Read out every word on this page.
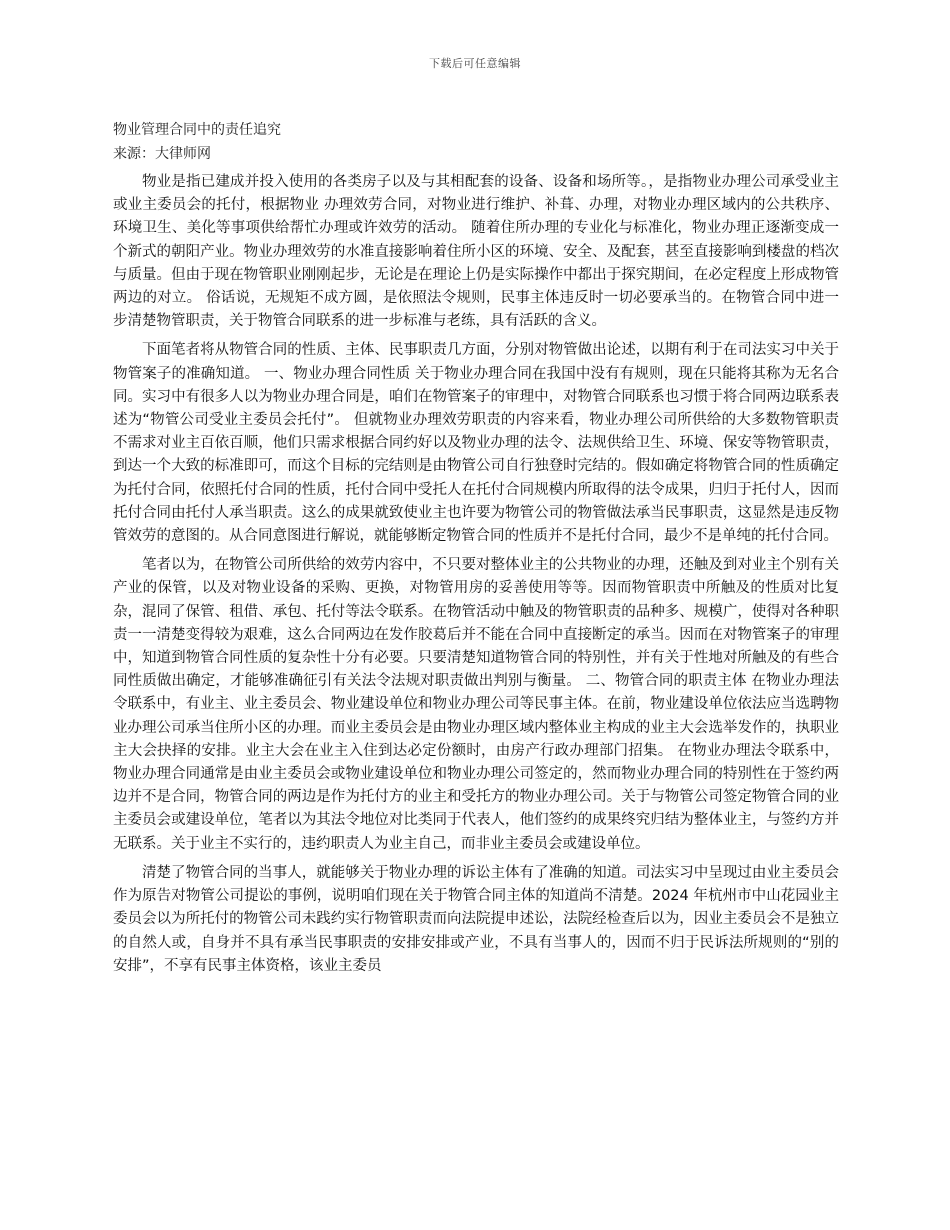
下载后可任意编辑

物业管理合同中的责任追究

来源：大律师网

物业是指已建成并投入使用的各类房子以及与其相配套的设备、设备和场所等。，是指物业办理公司承受业主或业主委员会的托付，根据物业 办理效劳合同，对物业进行维护、补葺、办理，对物业办理区域内的公共秩序、环境卫生、美化等事项供给帮忙办理或许效劳的活动。 随着住所办理的专业化与标准化，物业办理正逐渐变成一个新式的朝阳产业。物业办理效劳的水准直接影响着住所小区的环境、安全、及配套，甚至直接影响到楼盘的档次与质量。但由于现在物管职业刚刚起步，无论是在理论上仍是实际操作中都出于探究期间，在必定程度上形成物管两边的对立。 俗话说，无规矩不成方圆，是依照法令规则，民事主体违反时一切必要承当的。在物管合同中进一步清楚物管职责，关于物管合同联系的进一步标准与老练，具有活跃的含义。

下面笔者将从物管合同的性质、主体、民事职责几方面，分别对物管做出论述，以期有利于在司法实习中关于物管案子的准确知道。 一、物业办理合同性质 关于物业办理合同在我国中没有有规则，现在只能将其称为无名合同。实习中有很多人以为物业办理合同是，咱们在物管案子的审理中，对物管合同联系也习惯于将合同两边联系表述为“物管公司受业主委员会托付”。 但就物业办理效劳职责的内容来看，物业办理公司所供给的大多数物管职责不需求对业主百依百顺，他们只需求根据合同约好以及物业办理的法令、法规供给卫生、环境、保安等物管职责，到达一个大致的标准即可，而这个目标的完结则是由物管公司自行独登时完结的。假如确定将物管合同的性质确定为托付合同，依照托付合同的性质，托付合同中受托人在托付合同规模内所取得的法令成果，归归于托付人，因而托付合同由托付人承当职责。这么的成果就致使业主也许要为物管公司的物管做法承当民事职责，这显然是违反物管效劳的意图的。从合同意图进行解说，就能够断定物管合同的性质并不是托付合同，最少不是单纯的托付合同。

笔者以为，在物管公司所供给的效劳内容中，不只要对整体业主的公共物业的办理，还触及到对业主个别有关产业的保管，以及对物业设备的采购、更换，对物管用房的妥善使用等等。因而物管职责中所触及的性质对比复杂，混同了保管、租借、承包、托付等法令联系。在物管活动中触及的物管职责的品种多、规模广，使得对各种职责一一清楚变得较为艰难，这么合同两边在发作胶葛后并不能在合同中直接断定的承当。因而在对物管案子的审理中，知道到物管合同性质的复杂性十分有必要。只要清楚知道物管合同的特别性，并有关于性地对所触及的有些合同性质做出确定，才能够准确征引有关法令法规对职责做出判别与衡量。 二、物管合同的职责主体 在物业办理法令联系中，有业主、业主委员会、物业建设单位和物业办理公司等民事主体。在前，物业建设单位依法应当选聘物业办理公司承当住所小区的办理。而业主委员会是由物业办理区域内整体业主构成的业主大会选举发作的，执职业主大会抉择的安排。业主大会在业主入住到达必定份额时，由房产行政办理部门招集。 在物业办理法令联系中，物业办理合同通常是由业主委员会或物业建设单位和物业办理公司签定的，然而物业办理合同的特别性在于签约两边并不是合同，物管合同的两边是作为托付方的业主和受托方的物业办理公司。关于与物管公司签定物管合同的业主委员会或建设单位，笔者以为其法令地位对比类同于代表人，他们签约的成果终究归结为整体业主，与签约方并无联系。关于业主不实行的，违约职责人为业主自己，而非业主委员会或建设单位。

清楚了物管合同的当事人，就能够关于物业办理的诉讼主体有了准确的知道。司法实习中呈现过由业主委员会作为原告对物管公司提讼的事例，说明咱们现在关于物管合同主体的知道尚不清楚。2024 年杭州市中山花园业主委员会以为所托付的物管公司未践约实行物管职责而向法院提申述讼，法院经检查后以为，因业主委员会不是独立的自然人或，自身并不具有承当民事职责的安排安排或产业，不具有当事人的，因而不归于民诉法所规则的“别的安排”，不享有民事主体资格，该业主委员
